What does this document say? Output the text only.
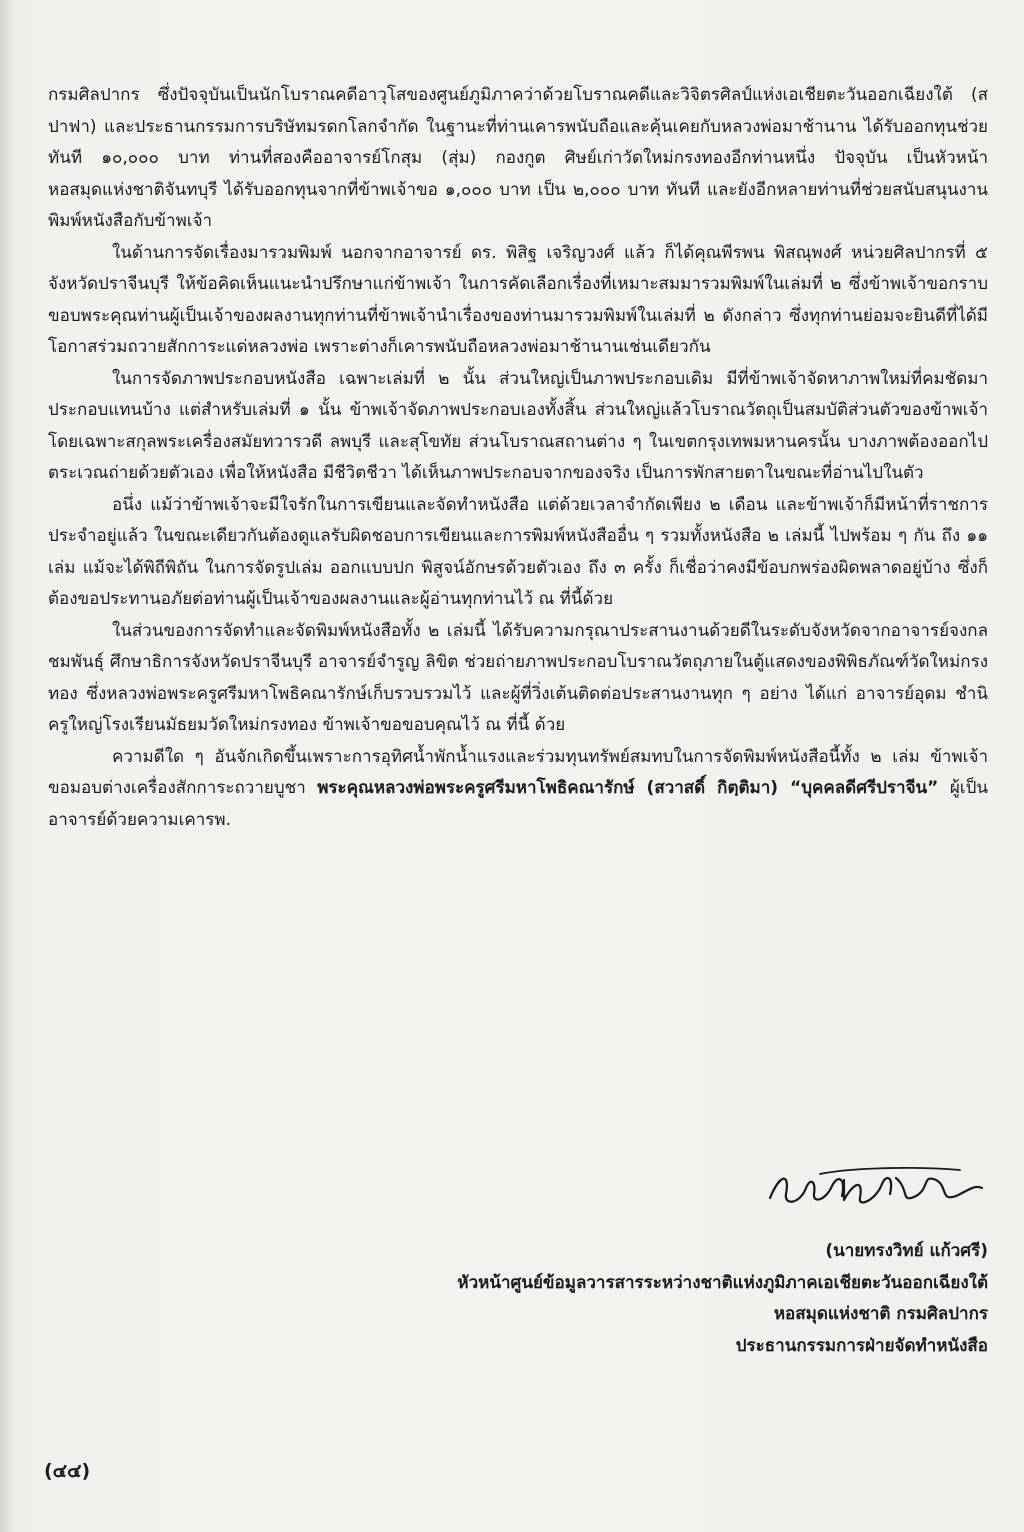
กรมศิลปากร ซึ่งปัจจุบันเป็นนักโบราณคดีอาวุโสของศูนย์ภูมิภาคว่าด้วยโบราณคดีและวิจิตรศิลป์แห่งเอเชียตะวันออกเฉียงใต้ (สปาฟา) และประธานกรรมการบริษัทมรดกโลกจำกัด ในฐานะที่ท่านเคารพนับถือและคุ้นเคยกับหลวงพ่อมาช้านาน ได้รับออกทุนช่วยทันที ๑๐,๐๐๐ บาท ท่านที่สองคืออาจารย์โกสุม (สุ่ม) กองกูต ศิษย์เก่าวัดใหม่กรงทองอีกท่านหนึ่ง ปัจจุบัน เป็นหัวหน้าหอสมุดแห่งชาติจันทบุรี ได้รับออกทุนจากที่ข้าพเจ้าขอ ๑,๐๐๐ บาท เป็น ๒,๐๐๐ บาท ทันที และยังอีกหลายท่านที่ช่วยสนับสนุนงานพิมพ์หนังสือกับข้าพเจ้า

ในด้านการจัดเรื่องมารวมพิมพ์ นอกจากอาจารย์ ดร. พิสิฐ เจริญวงศ์ แล้ว ก็ได้คุณพีรพน พิสณุพงศ์ หน่วยศิลปากรที่ ๕ จังหวัดปราจีนบุรี ให้ข้อคิดเห็นแนะนำปรึกษาแก่ข้าพเจ้า ในการคัดเลือกเรื่องที่เหมาะสมมารวมพิมพ์ในเล่มที่ ๒ ซึ่งข้าพเจ้าขอกราบขอบพระคุณท่านผู้เป็นเจ้าของผลงานทุกท่านที่ข้าพเจ้านำเรื่องของท่านมารวมพิมพ์ในเล่มที่ ๒ ดังกล่าว ซึ่งทุกท่านย่อมจะยินดีที่ได้มีโอกาสร่วมถวายสักการะแด่หลวงพ่อ เพราะต่างก็เคารพนับถือหลวงพ่อมาช้านานเช่นเดียวกัน

ในการจัดภาพประกอบหนังสือ เฉพาะเล่มที่ ๒ นั้น ส่วนใหญ่เป็นภาพประกอบเดิม มีที่ข้าพเจ้าจัดหาภาพใหม่ที่คมชัดมาประกอบแทนบ้าง แต่สำหรับเล่มที่ ๑ นั้น ข้าพเจ้าจัดภาพประกอบเองทั้งสิ้น ส่วนใหญ่แล้วโบราณวัตถุเป็นสมบัติส่วนตัวของข้าพเจ้า โดยเฉพาะสกุลพระเครื่องสมัยทวารวดี ลพบุรี และสุโขทัย ส่วนโบราณสถานต่าง ๆ ในเขตกรุงเทพมหานครนั้น บางภาพต้องออกไปตระเวณถ่ายด้วยตัวเอง เพื่อให้หนังสือ มีชีวิตชีวา ได้เห็นภาพประกอบจากของจริง เป็นการพักสายตาในขณะที่อ่านไปในตัว

อนึ่ง แม้ว่าข้าพเจ้าจะมีใจรักในการเขียนและจัดทำหนังสือ แต่ด้วยเวลาจำกัดเพียง ๒ เดือน และข้าพเจ้าก็มีหน้าที่ราชการประจำอยู่แล้ว ในขณะเดียวกันต้องดูแลรับผิดชอบการเขียนและการพิมพ์หนังสืออื่น ๆ รวมทั้งหนังสือ ๒ เล่มนี้ ไปพร้อม ๆ กัน ถึง ๑๑ เล่ม แม้จะได้พิถีพิถัน ในการจัดรูปเล่ม ออกแบบปก พิสูจน์อักษรด้วยตัวเอง ถึง ๓ ครั้ง ก็เชื่อว่าคงมีข้อบกพร่องผิดพลาดอยู่บ้าง ซึ่งก็ต้องขอประทานอภัยต่อท่านผู้เป็นเจ้าของผลงานและผู้อ่านทุกท่านไว้ ณ ที่นี้ด้วย

ในส่วนของการจัดทำและจัดพิมพ์หนังสือทั้ง ๒ เล่มนี้ ได้รับความกรุณาประสานงานด้วยดีในระดับจังหวัดจากอาจารย์จงกล ชมพันธุ์ ศึกษาธิการจังหวัดปราจีนบุรี อาจารย์จำรูญ ลิขิต ช่วยถ่ายภาพประกอบโบราณวัตถุภายในตู้แสดงของพิพิธภัณฑ์วัดใหม่กรงทอง ซึ่งหลวงพ่อพระครูศรีมหาโพธิคณารักษ์เก็บรวบรวมไว้ และผู้ที่วิ่งเต้นติดต่อประสานงานทุก ๆ อย่าง ได้แก่ อาจารย์อุดม ชำนิ ครูใหญ่โรงเรียนมัธยมวัดใหม่กรงทอง ข้าพเจ้าขอขอบคุณไว้ ณ ที่นี้ ด้วย

ความดีใด ๆ อันจักเกิดขึ้นเพราะการอุทิศน้ำพักน้ำแรงและร่วมทุนทรัพย์สมทบในการจัดพิมพ์หนังสือนี้ทั้ง ๒ เล่ม ข้าพเจ้าขอมอบต่างเครื่องสักการะถวายบูชา พระคุณหลวงพ่อพระครูศรีมหาโพธิคณารักษ์ (สวาสดิ์ กิตฺติมา) “บุคคลดีศรีปราจีน” ผู้เป็นอาจารย์ด้วยความเคารพ.

(นายทรงวิทย์ แก้วศรี)
หัวหน้าศูนย์ข้อมูลวารสารระหว่างชาติแห่งภูมิภาคเอเชียตะวันออกเฉียงใต้
หอสมุดแห่งชาติ กรมศิลปากร
ประธานกรรมการฝ่ายจัดทำหนังสือ
(๔๔)
